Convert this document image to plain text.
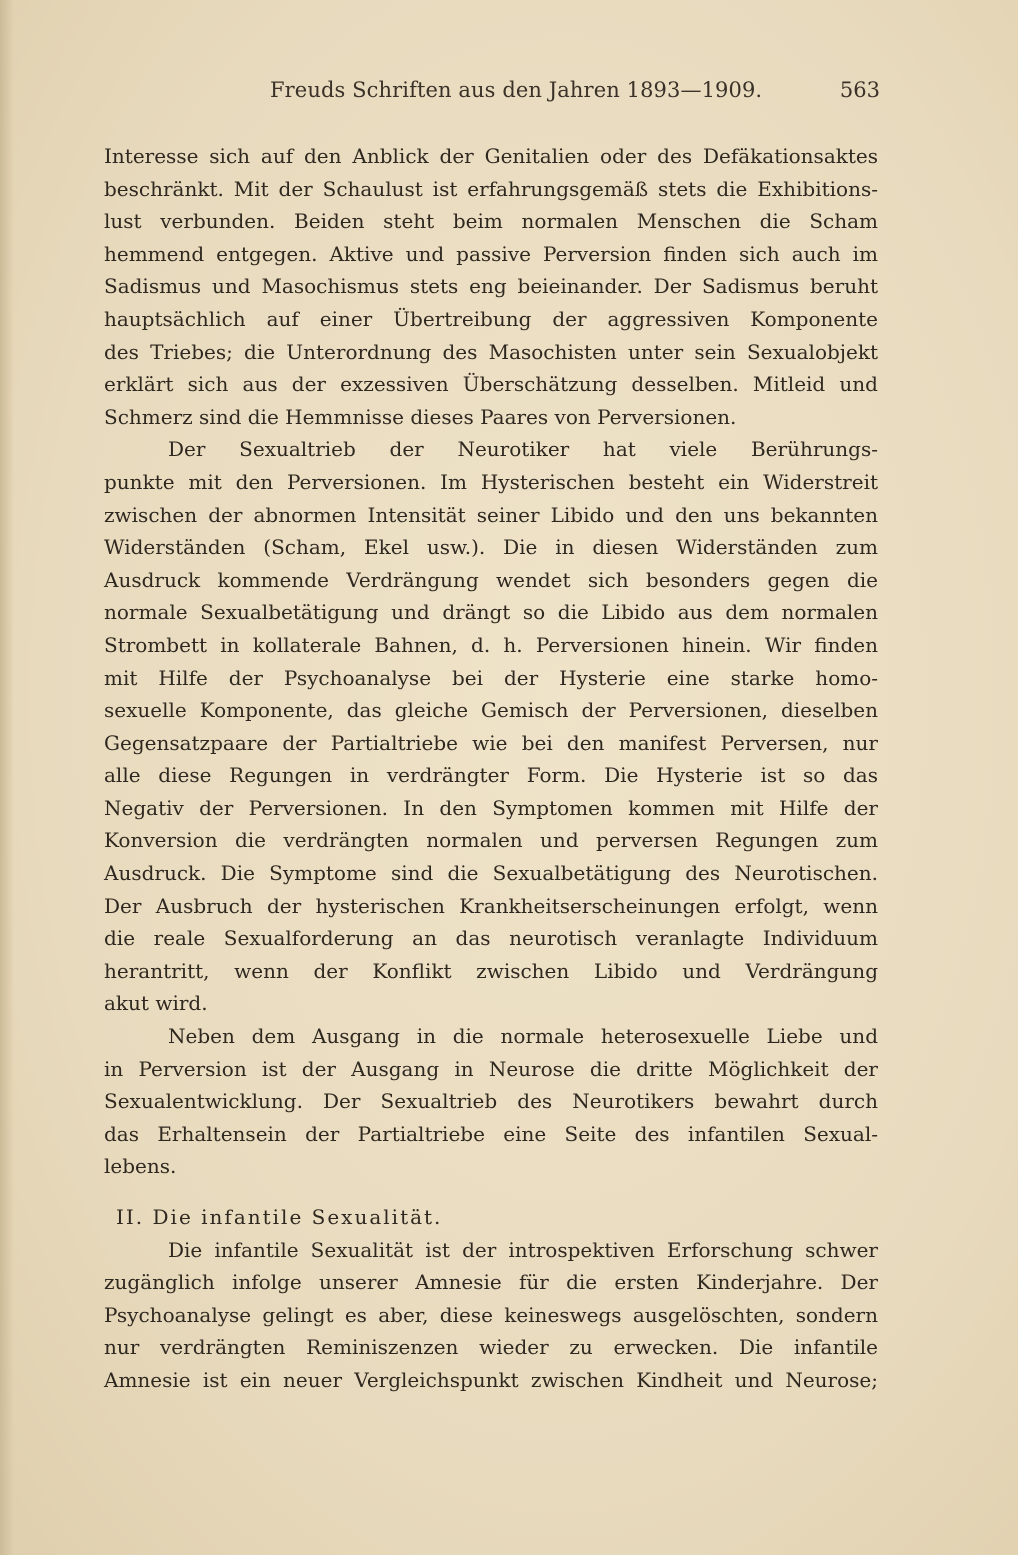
Freuds Schriften aus den Jahren 1893—1909.	563
Interesse sich auf den Anblick der Genitalien oder des Defäkationsaktes
beschränkt. Mit der Schaulust ist erfahrungsgemäß stets die Exhibitions-
lust verbunden. Beiden steht beim normalen Menschen die Scham
hemmend entgegen. Aktive und passive Perversion finden sich auch im
Sadismus und Masochismus stets eng beieinander. Der Sadismus beruht
hauptsächlich auf einer Übertreibung der aggressiven Komponente
des Triebes; die Unterordnung des Masochisten unter sein Sexualobjekt
erklärt sich aus der exzessiven Überschätzung desselben. Mitleid und
Schmerz sind die Hemmnisse dieses Paares von Perversionen.
Der Sexualtrieb der Neurotiker hat viele Berührungs-
punkte mit den Perversionen. Im Hysterischen besteht ein Widerstreit
zwischen der abnormen Intensität seiner Libido und den uns bekannten
Widerständen (Scham, Ekel usw.). Die in diesen Widerständen zum
Ausdruck kommende Verdrängung wendet sich besonders gegen die
normale Sexualbetätigung und drängt so die Libido aus dem normalen
Strombett in kollaterale Bahnen, d. h. Perversionen hinein. Wir finden
mit Hilfe der Psychoanalyse bei der Hysterie eine starke homo-
sexuelle Komponente, das gleiche Gemisch der Perversionen, dieselben
Gegensatzpaare der Partialtriebe wie bei den manifest Perversen, nur
alle diese Regungen in verdrängter Form. Die Hysterie ist so das
Negativ der Perversionen. In den Symptomen kommen mit Hilfe der
Konversion die verdrängten normalen und perversen Regungen zum
Ausdruck. Die Symptome sind die Sexualbetätigung des Neurotischen.
Der Ausbruch der hysterischen Krankheitserscheinungen erfolgt, wenn
die reale Sexualforderung an das neurotisch veranlagte Individuum
herantritt, wenn der Konflikt zwischen Libido und Verdrängung
akut wird.
Neben dem Ausgang in die normale heterosexuelle Liebe und
in Perversion ist der Ausgang in Neurose die dritte Möglichkeit der
Sexualentwicklung. Der Sexualtrieb des Neurotikers bewahrt durch
das Erhaltensein der Partialtriebe eine Seite des infantilen Sexual-
lebens.
II. Die infantile Sexualität.
Die infantile Sexualität ist der introspektiven Erforschung schwer
zugänglich infolge unserer Amnesie für die ersten Kinderjahre. Der
Psychoanalyse gelingt es aber, diese keineswegs ausgelöschten, sondern
nur verdrängten Reminiszenzen wieder zu erwecken. Die infantile
Amnesie ist ein neuer Vergleichspunkt zwischen Kindheit und Neurose;
